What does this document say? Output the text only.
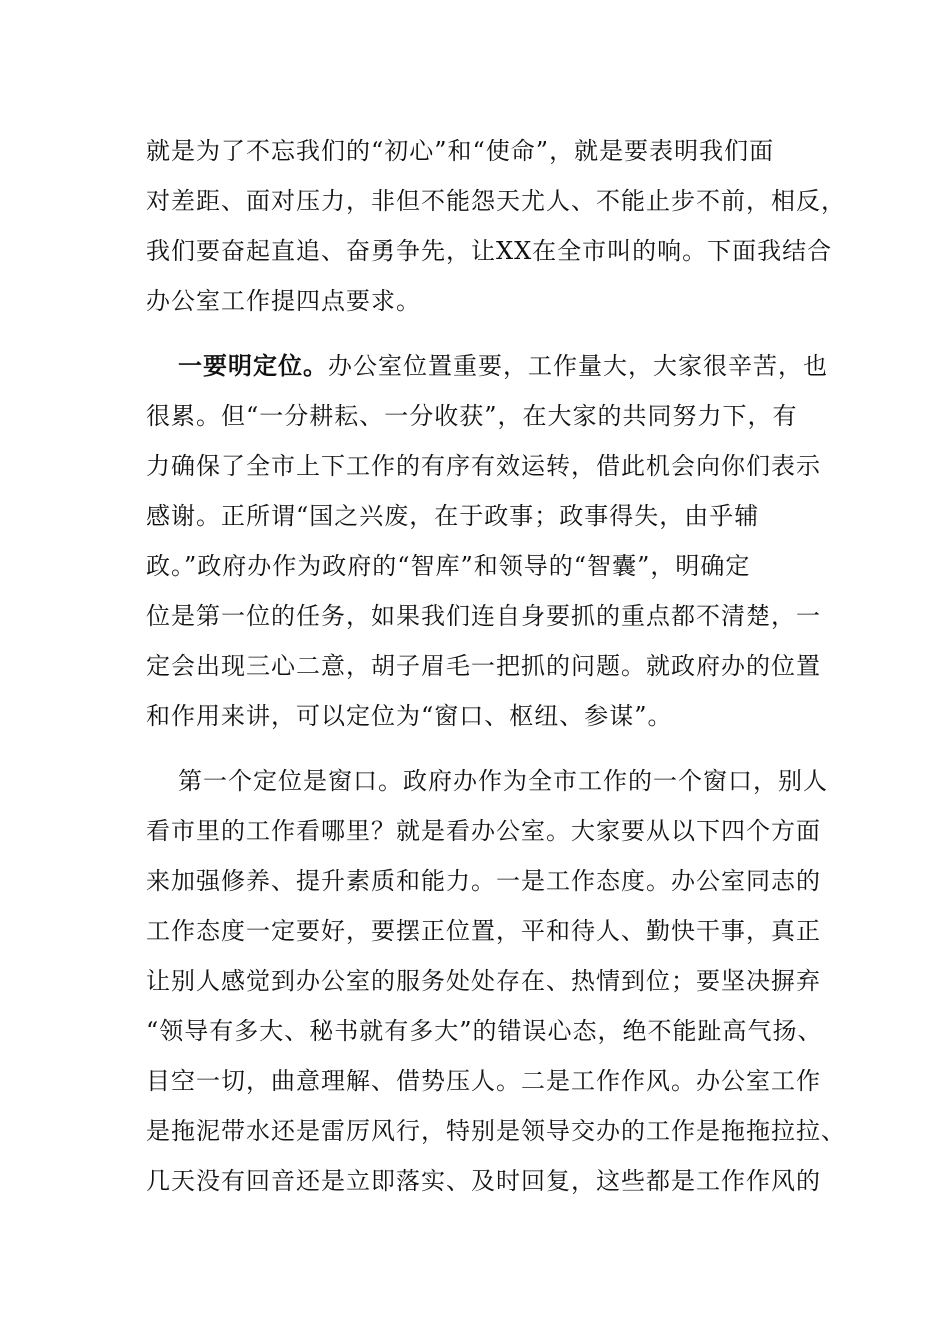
就是为了不忘我们的“初心”和“使命”，就是要表明我们面
对差距、面对压力，非但不能怨天尤人、不能止步不前，相反，
我们要奋起直追、奋勇争先，让XX在全市叫的响。下面我结合
办公室工作提四点要求。
一要明定位。办公室位置重要，工作量大，大家很辛苦，也
很累。但“一分耕耘、一分收获”，在大家的共同努力下，有
力确保了全市上下工作的有序有效运转，借此机会向你们表示
感谢。正所谓“国之兴废，在于政事；政事得失，由乎辅
政。”政府办作为政府的“智库”和领导的“智囊”，明确定
位是第一位的任务，如果我们连自身要抓的重点都不清楚，一
定会出现三心二意，胡子眉毛一把抓的问题。就政府办的位置
和作用来讲，可以定位为“窗口、枢纽、参谋”。
第一个定位是窗口。政府办作为全市工作的一个窗口，别人
看市里的工作看哪里？就是看办公室。大家要从以下四个方面
来加强修养、提升素质和能力。一是工作态度。办公室同志的
工作态度一定要好，要摆正位置，平和待人、勤快干事，真正
让别人感觉到办公室的服务处处存在、热情到位；要坚决摒弃
“领导有多大、秘书就有多大”的错误心态，绝不能趾高气扬、
目空一切，曲意理解、借势压人。二是工作作风。办公室工作
是拖泥带水还是雷厉风行，特别是领导交办的工作是拖拖拉拉、
几天没有回音还是立即落实、及时回复，这些都是工作作风的
